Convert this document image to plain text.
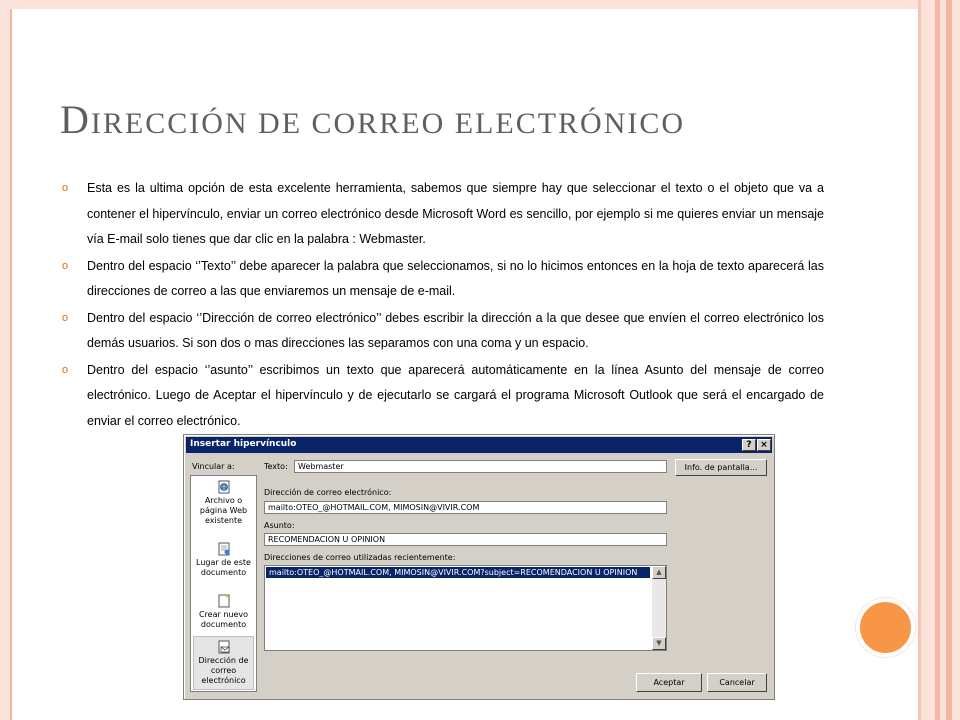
DIRECCIÓN DE CORREO ELECTRÓNICO
o Esta es la ultima opción de esta excelente herramienta, sabemos que siempre hay que seleccionar el texto o el objeto que va a contener el hipervínculo, enviar un correo electrónico desde Microsoft Word es sencillo, por ejemplo si me quieres enviar un mensaje vía E-mail solo tienes que dar clic en la palabra : Webmaster.
o Dentro del espacio ‘’Texto’’ debe aparecer la palabra que seleccionamos, si no lo hicimos entonces en la hoja de texto aparecerá las direcciones de correo a las que enviaremos un mensaje de e-mail.
o Dentro del espacio ‘’Dirección de correo electrónico’’ debes escribir la dirección a la que desee que envíen el correo electrónico los demás usuarios. Si son dos o mas direcciones las separamos con una coma y un espacio.
o Dentro del espacio ‘’asunto’’ escribimos un texto que aparecerá automáticamente en la línea Asunto del mensaje de correo electrónico. Luego de Aceptar el hipervínculo y de ejecutarlo se cargará el programa Microsoft Outlook que será el encargado de enviar el correo electrónico.
Insertar hipervínculo	? ×
Vincular a:
Archivo o página Web existente
Lugar de este documento
Crear nuevo documento
Dirección de correo electrónico
Texto:	Webmaster	Info. de pantalla...
Dirección de correo electrónico:
mailto:OTEO_@HOTMAIL.COM, MIMOSIN@VIVIR.COM
Asunto:
RECOMENDACION U OPINION
Direcciones de correo utilizadas recientemente:
mailto:OTEO_@HOTMAIL.COM, MIMOSIN@VIVIR.COM?subject=RECOMENDACION U OPINION	▲
▼
Aceptar	Cancelar
